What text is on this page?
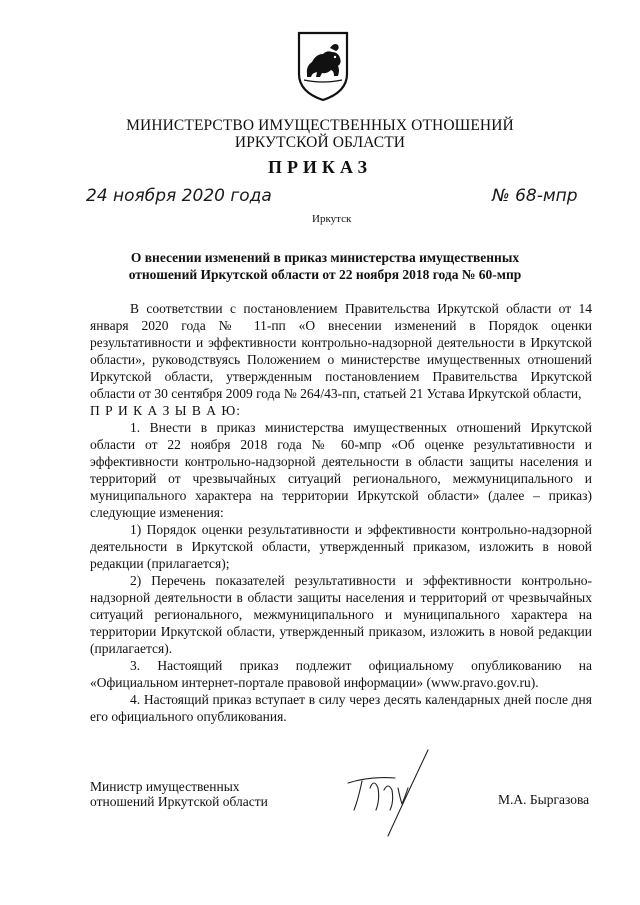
МИНИСТЕРСТВО ИМУЩЕСТВЕННЫХ ОТНОШЕНИЙ
ИРКУТСКОЙ ОБЛАСТИ
ПРИКАЗ
24 ноября 2020 года	№ 68-мпр
Иркутск
О внесении изменений в приказ министерства имущественных
отношений Иркутской области от 22 ноября 2018 года № 60-мпр

В соответствии с постановлением Правительства Иркутской области от 14 января 2020 года № 11-пп «О внесении изменений в Порядок оценки результативности и эффективности контрольно-надзорной деятельности в Иркутской области», руководствуясь Положением о министерстве имущественных отношений Иркутской области, утвержденным постановлением Правительства Иркутской области от 30 сентября 2009 года № 264/43-пп, статьей 21 Устава Иркутской области,

П Р И К А З Ы В А Ю:

1. Внести в приказ министерства имущественных отношений Иркутской области от 22 ноября 2018 года № 60-мпр «Об оценке результативности и эффективности контрольно-надзорной деятельности в области защиты населения и территорий от чрезвычайных ситуаций регионального, межмуниципального и муниципального характера на территории Иркутской области» (далее – приказ) следующие изменения:

1) Порядок оценки результативности и эффективности контрольно-надзорной деятельности в Иркутской области, утвержденный приказом, изложить в новой редакции (прилагается);

2) Перечень показателей результативности и эффективности контрольно-надзорной деятельности в области защиты населения и территорий от чрезвычайных ситуаций регионального, межмуниципального и муниципального характера на территории Иркутской области, утвержденный приказом, изложить в новой редакции (прилагается).

3. Настоящий приказ подлежит официальному опубликованию на «Официальном интернет-портале правовой информации» (www.pravo.gov.ru).

4. Настоящий приказ вступает в силу через десять календарных дней после дня его официального опубликования.

Министр имущественных
отношений Иркутской области	М.А. Быргазова
